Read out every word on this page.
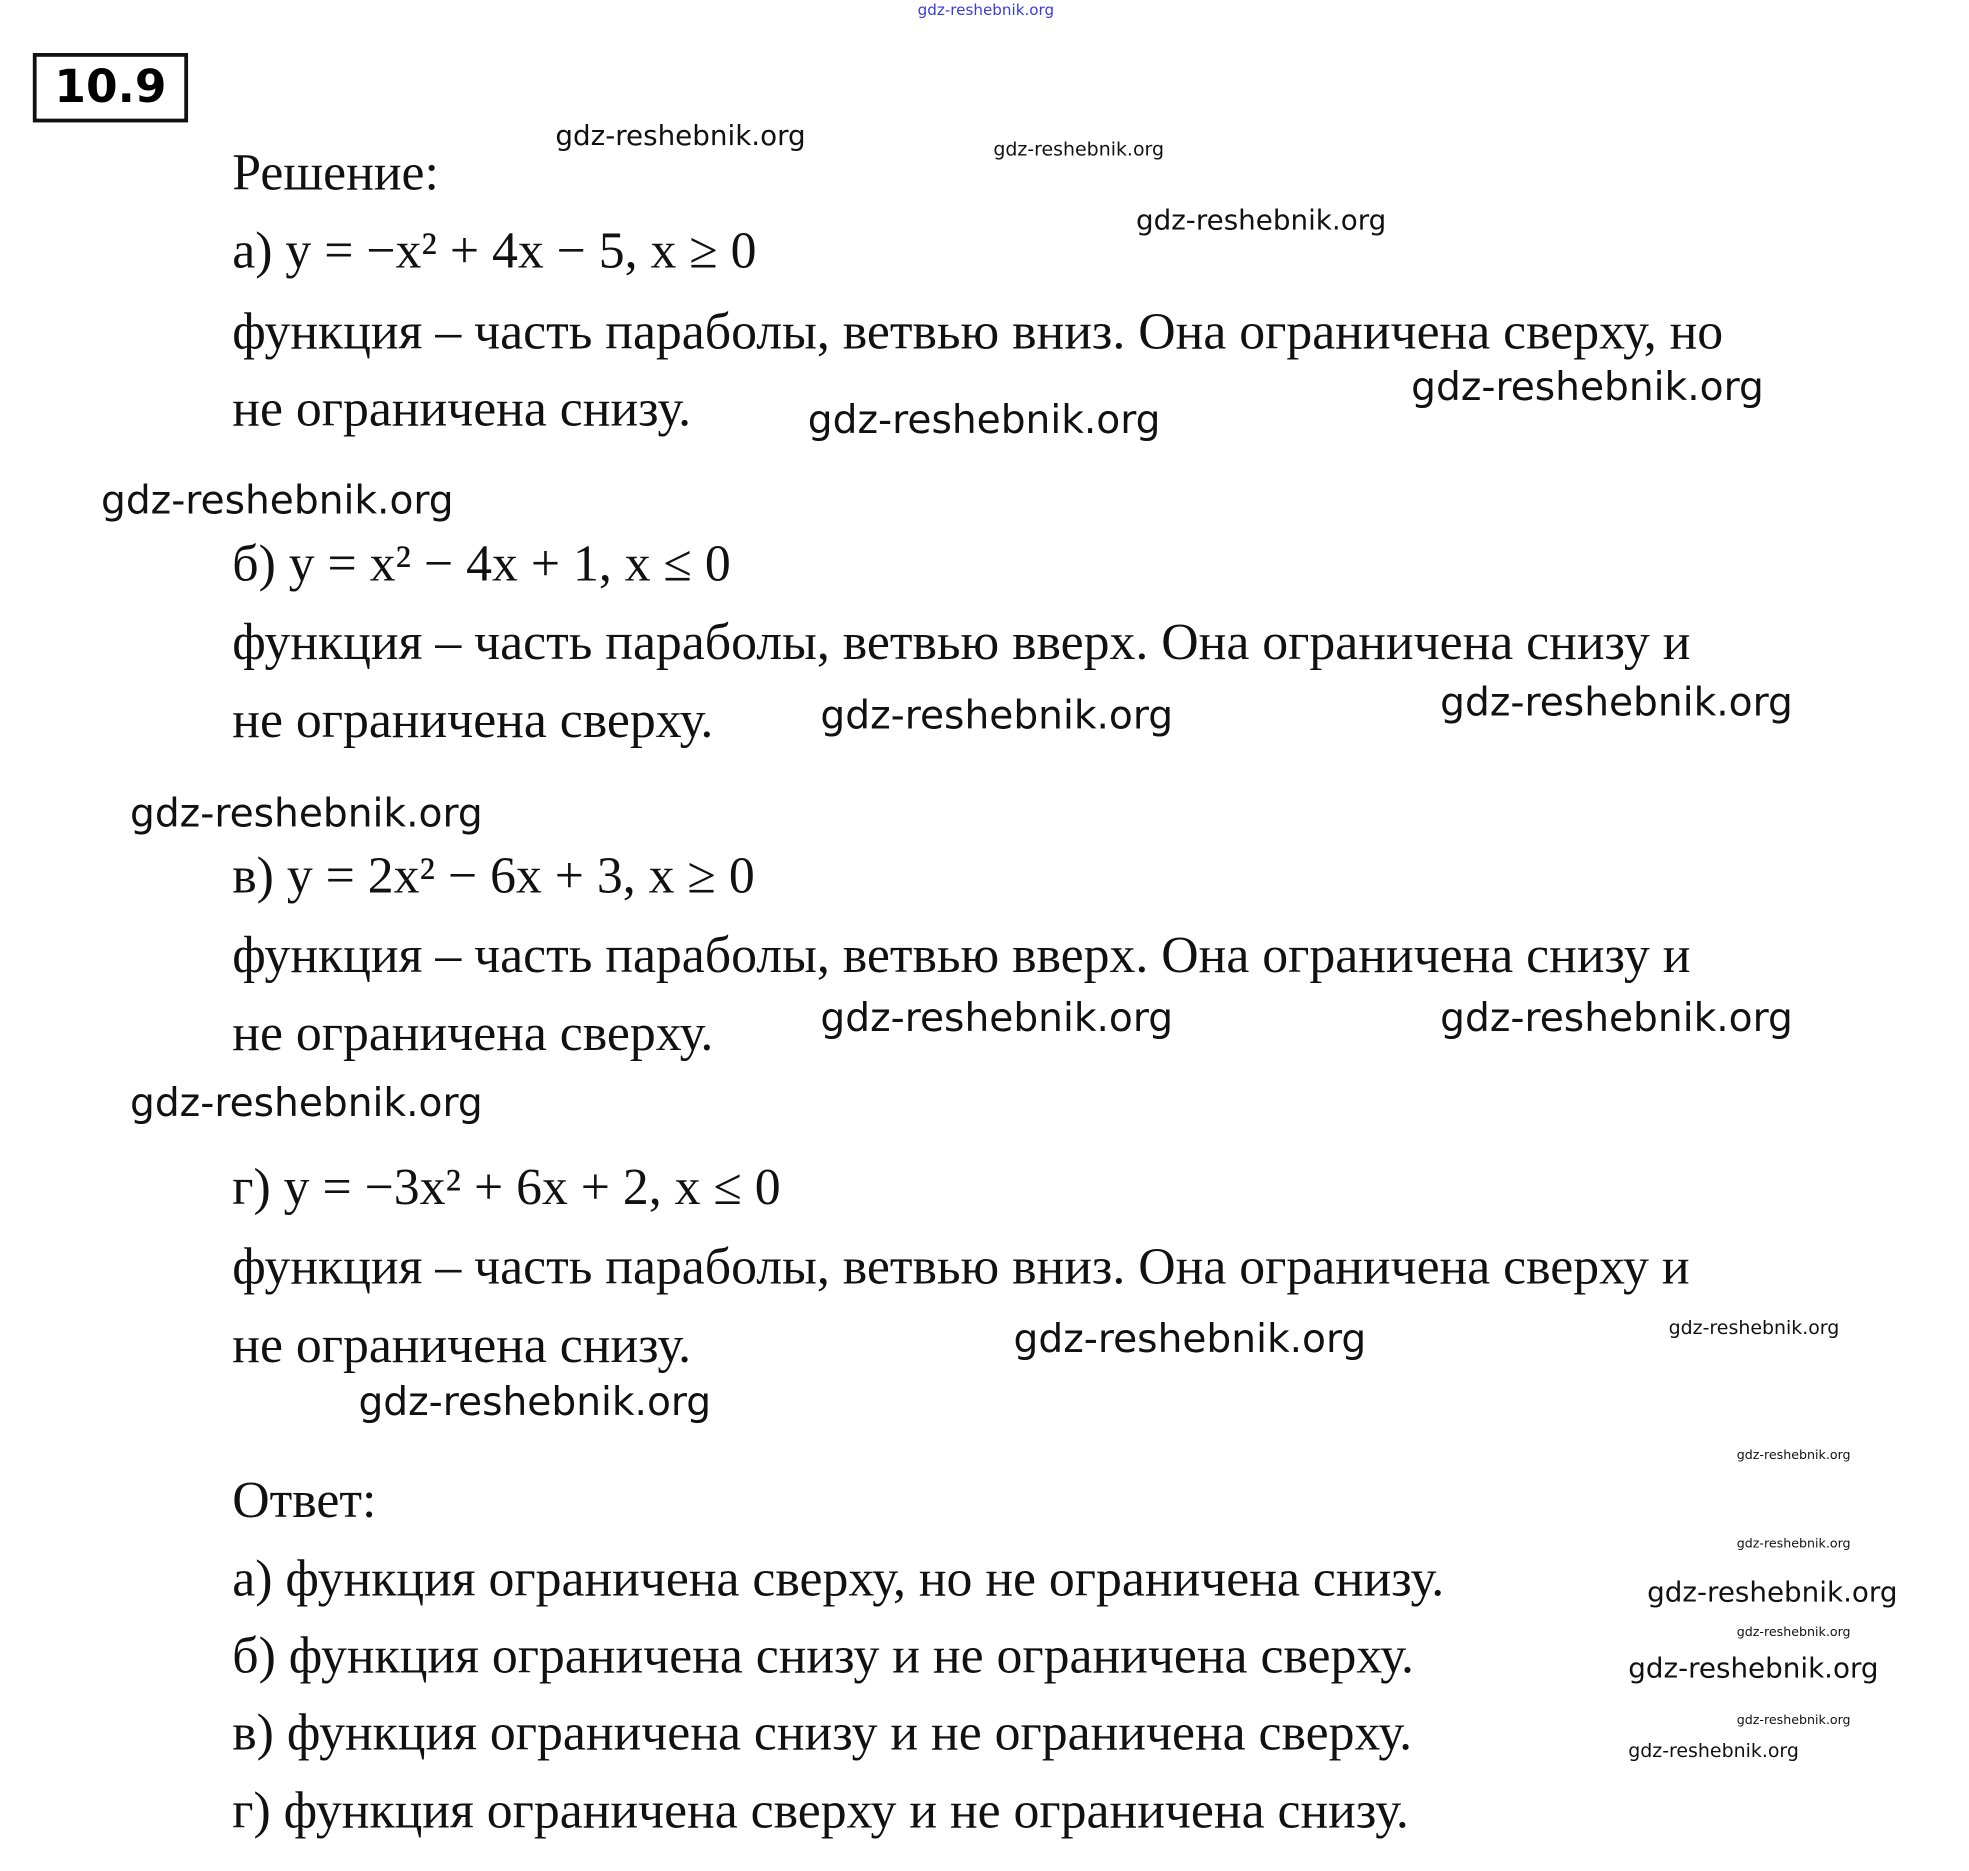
gdz-reshebnik.org
10.9
Решение:
а) y = −x² + 4x − 5, x ≥ 0
функция – часть параболы, ветвью вниз. Она ограничена сверху, но
не ограничена снизу.
б) y = x² − 4x + 1, x ≤ 0
функция – часть параболы, ветвью вверх. Она ограничена снизу и
не ограничена сверху.
в) y = 2x² − 6x + 3, x ≥ 0
функция – часть параболы, ветвью вверх. Она ограничена снизу и
не ограничена сверху.
г) y = −3x² + 6x + 2, x ≤ 0
функция – часть параболы, ветвью вниз. Она ограничена сверху и
не ограничена снизу.
Ответ:
а) функция ограничена сверху, но не ограничена снизу.
б) функция ограничена снизу и не ограничена сверху.
в) функция ограничена снизу и не ограничена сверху.
г) функция ограничена сверху и не ограничена снизу.
gdz-reshebnik.org	gdz-reshebnik.org
gdz-reshebnik.org
gdz-reshebnik.org
gdz-reshebnik.org
gdz-reshebnik.org
gdz-reshebnik.org
gdz-reshebnik.org
gdz-reshebnik.org
gdz-reshebnik.org	gdz-reshebnik.org
gdz-reshebnik.org
gdz-reshebnik.org	gdz-reshebnik.org
gdz-reshebnik.org
gdz-reshebnik.org
gdz-reshebnik.org
gdz-reshebnik.org
gdz-reshebnik.org
gdz-reshebnik.org
gdz-reshebnik.org
gdz-reshebnik.org
